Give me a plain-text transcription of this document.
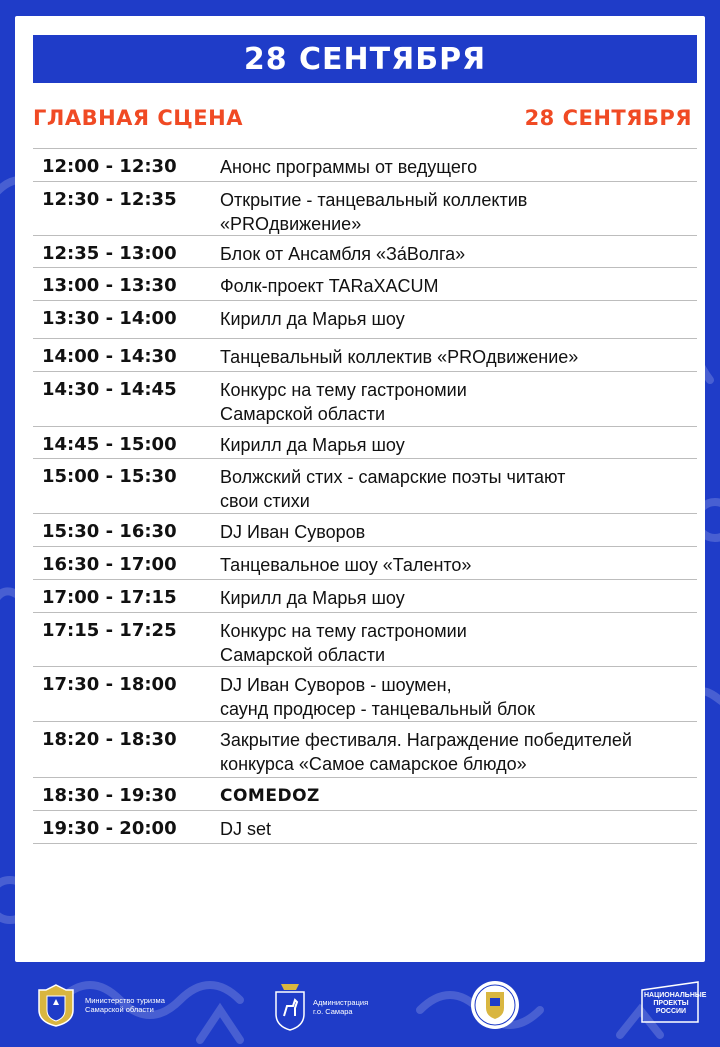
28 СЕНТЯБРЯ
ГЛАВНАЯ СЦЕНА	28 СЕНТЯБРЯ
12:00 - 12:30	Анонс программы от ведущего
12:30 - 12:35	Открытие - танцевальный коллектив
«PROдвижение»
12:35 - 13:00	Блок от Ансамбля «За́Волга»
13:00 - 13:30	Фолк-проект TARaXACUM
13:30 - 14:00	Кирилл да Марья шоу
14:00 - 14:30	Танцевальный коллектив «PROдвижение»
14:30 - 14:45	Конкурс на тему гастрономии
Самарской области
14:45 - 15:00	Кирилл да Марья шоу
15:00 - 15:30	Волжский стих - самарские поэты читают
свои стихи
15:30 - 16:30	DJ Иван Суворов
16:30 - 17:00	Танцевальное шоу «Таленто»
17:00 - 17:15	Кирилл да Марья шоу
17:15 - 17:25	Конкурс на тему гастрономии
Самарской области
17:30 - 18:00	DJ Иван Суворов - шоумен,
саунд продюсер - танцевальный блок
18:20 - 18:30	Закрытие фестиваля. Награждение победителей
конкурса «Самое самарское блюдо»
18:30 - 19:30	COMEDOZ
19:30 - 20:00	DJ set
Министерство туризма
Самарской области
Администрация
г.о. Самара
НАЦИОНАЛЬНЫЕ
ПРОЕКТЫ
РОССИИ
